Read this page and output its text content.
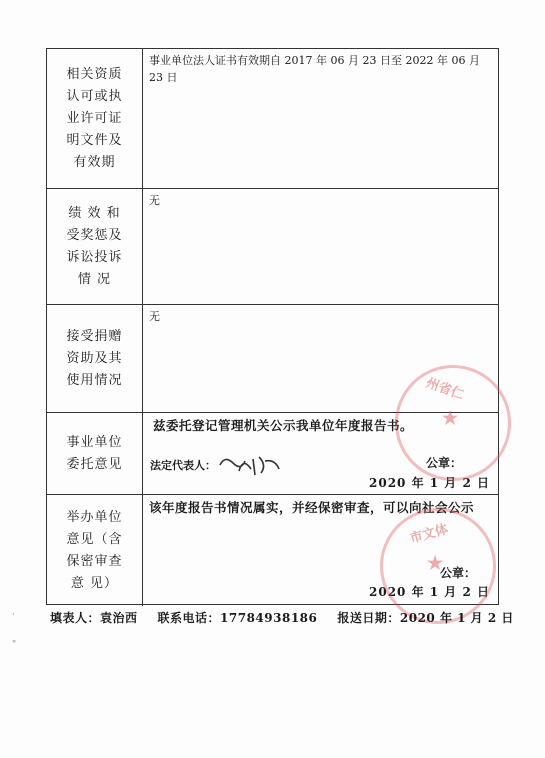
相关资质
认可或执
业许可证
明文件及
有效期
事业单位法人证书有效期自 2017 年 06 月 23 日至 2022 年 06 月 23 日
绩 效 和
受奖惩及
诉讼投诉
情 况
无
接受捐赠
资助及其
使用情况
无
事业单位
委托意见
兹委托登记管理机关公示我单位年度报告书。
法定代表人：	公章：
2020 年 1 月 2 日
举办单位
意见（含
保密审查
意 见）
该年度报告书情况属实，并经保密审查，可以向社会公示
公章：
2020 年 1 月 2 日
州省仁
★
市文体
★
填表人：袁治西 联系电话：17784938186 报送日期：2020 年 1 月 2 日
·
"
